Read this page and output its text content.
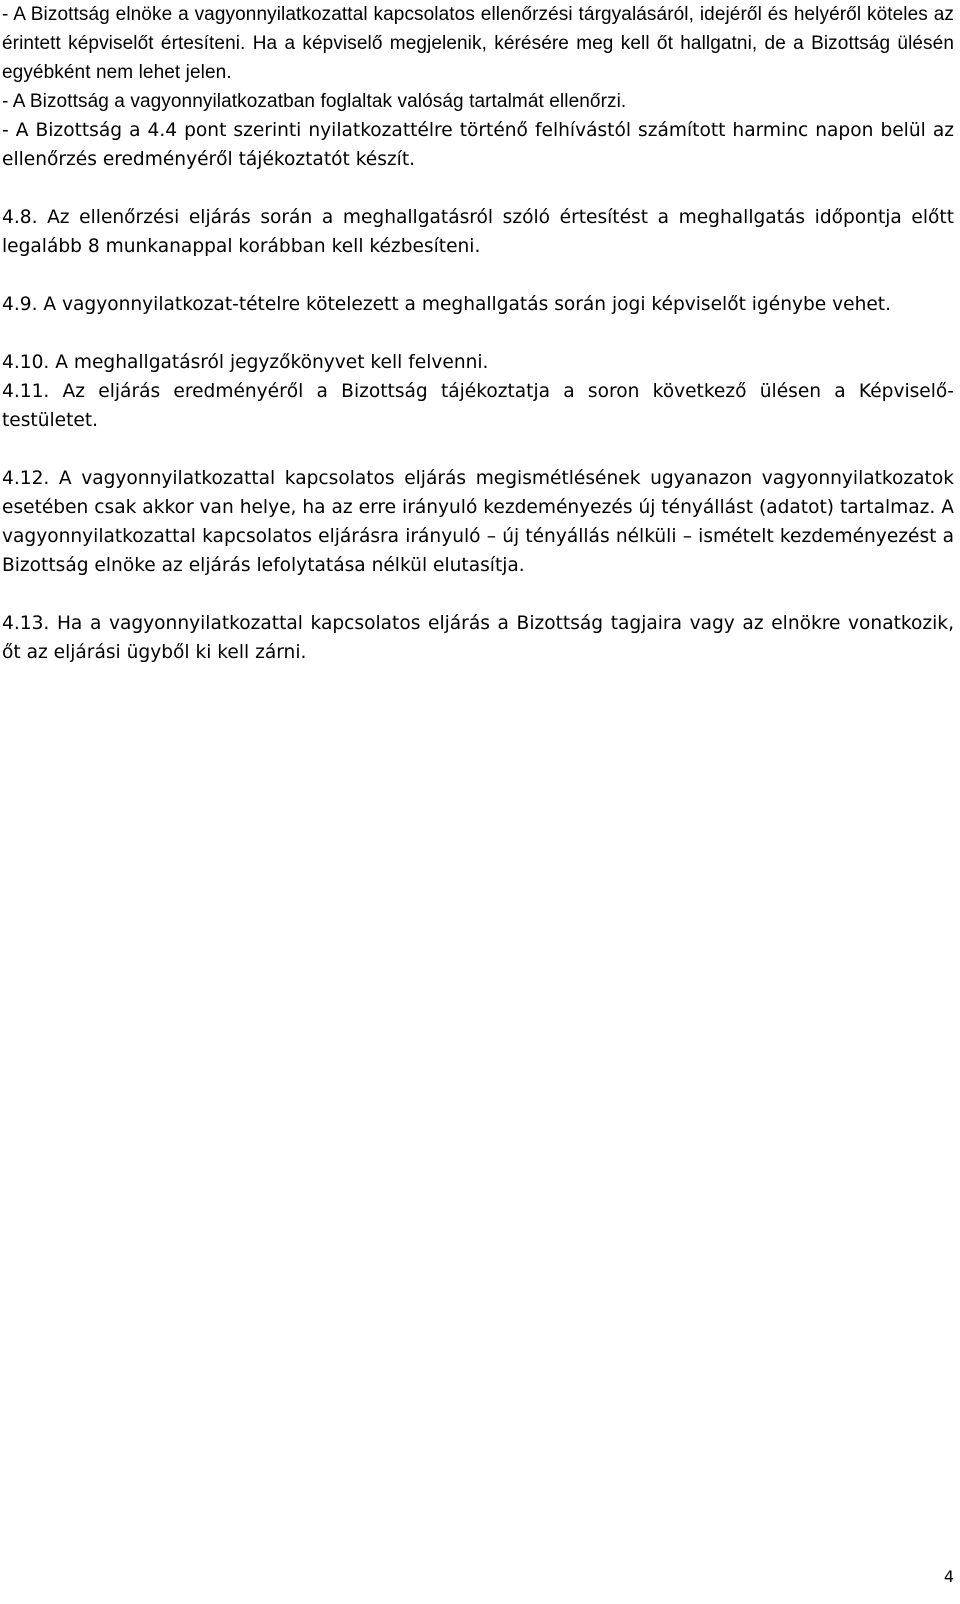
- A Bizottság elnöke a vagyonnyilatkozattal kapcsolatos ellenőrzési tárgyalásáról, idejéről és helyéről köteles az érintett képviselőt értesíteni. Ha a képviselő megjelenik, kérésére meg kell őt hallgatni, de a Bizottság ülésén egyébként nem lehet jelen.

- A Bizottság a vagyonnyilatkozatban foglaltak valóság tartalmát ellenőrzi.

- A Bizottság a 4.4 pont szerinti nyilatkozattélre történő felhívástól számított harminc napon belül az ellenőrzés eredményéről tájékoztatót készít.

4.8. Az ellenőrzési eljárás során a meghallgatásról szóló értesítést a meghallgatás időpontja előtt legalább 8 munkanappal korábban kell kézbesíteni.

4.9. A vagyonnyilatkozat-tételre kötelezett a meghallgatás során jogi képviselőt igénybe vehet.

4.10. A meghallgatásról jegyzőkönyvet kell felvenni.

4.11. Az eljárás eredményéről a Bizottság tájékoztatja a soron következő ülésen a Képviselő-testületet.

4.12. A vagyonnyilatkozattal kapcsolatos eljárás megismétlésének ugyanazon vagyonnyilatkozatok esetében csak akkor van helye, ha az erre irányuló kezdeményezés új tényállást (adatot) tartalmaz. A vagyonnyilatkozattal kapcsolatos eljárásra irányuló – új tényállás nélküli – ismételt kezdeményezést a Bizottság elnöke az eljárás lefolytatása nélkül elutasítja.

4.13. Ha a vagyonnyilatkozattal kapcsolatos eljárás a Bizottság tagjaira vagy az elnökre vonatkozik, őt az eljárási ügyből ki kell zárni.

4
